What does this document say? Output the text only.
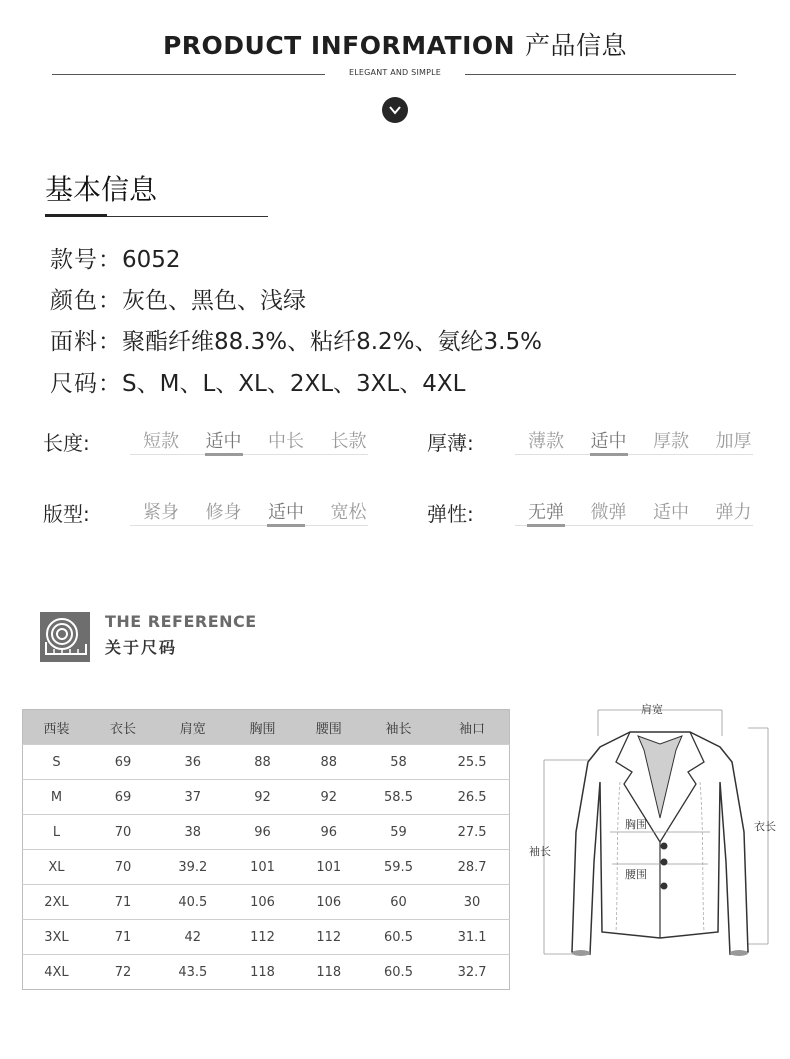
PRODUCT INFORMATION 产品信息
ELEGANT AND SIMPLE
基本信息
款号：6052
颜色：灰色、黑色、浅绿
面料：聚酯纤维88.3%、粘纤8.2%、氨纶3.5%
尺码：S、M、L、XL、2XL、3XL、4XL
长度:	短款	适中	中长	长款	厚薄:	薄款	适中	厚款	加厚
版型:	紧身	修身	适中	宽松	弹性:	无弹	微弹	适中	弹力
THE REFERENCE
关于尺码
西装	衣长	肩宽	胸围	腰围	袖长	袖口
S	69	36	88	88	58	25.5
M	69	37	92	92	58.5	26.5
L	70	38	96	96	59	27.5
XL	70	39.2	101	101	59.5	28.7
2XL	71	40.5	106	106	60	30
3XL	71	42	112	112	60.5	31.1
4XL	72	43.5	118	118	60.5	32.7
肩宽
衣长
袖长
胸围
腰围
